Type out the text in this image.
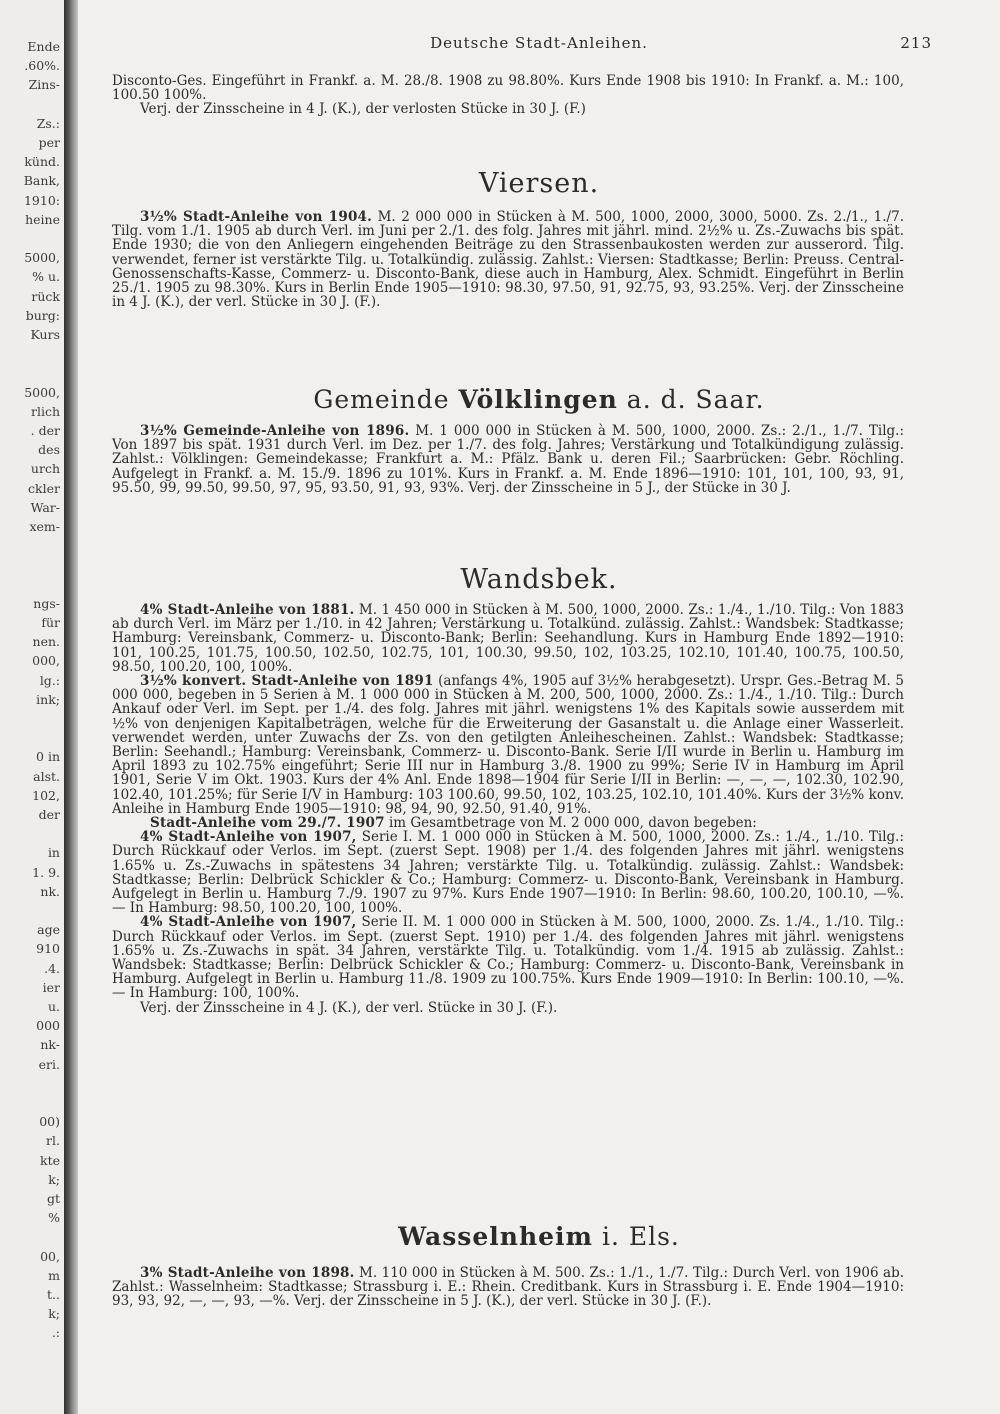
Ende
.60%.
Zins-
Zs.:
per
künd.
Bank,
1910:
heine
5000,
% u.
rück
burg:
Kurs
5000,
rlich
. der
des
urch
ckler
War-
xem-
ngs-
für
nen.
000,
lg.:
ink;
0 in
alst.
102,
der
in
1. 9.
nk.
age
910
.4.
ier
u.
000
nk-
eri.
00)
rl.
kte
k;
gt
%
00,
m
t..
k;
.:
Deutsche Stadt-Anleihen.	213

Disconto-Ges. Eingeführt in Frankf. a. M. 28./8. 1908 zu 98.80%. Kurs Ende 1908 bis 1910: In Frankf. a. M.: 100, 100.50 100%.

Verj. der Zinsscheine in 4 J. (K.), der verlosten Stücke in 30 J. (F.)

Viersen.

3½% Stadt-Anleihe von 1904. M. 2 000 000 in Stücken à M. 500, 1000, 2000, 3000, 5000. Zs. 2./1., 1./7. Tilg. vom 1./1. 1905 ab durch Verl. im Juni per 2./1. des folg. Jahres mit jährl. mind. 2½% u. Zs.-Zuwachs bis spät. Ende 1930; die von den Anliegern eingehenden Beiträge zu den Strassenbaukosten werden zur ausserord. Tilg. verwendet, ferner ist verstärkte Tilg. u. Totalkündig. zulässig. Zahlst.: Viersen: Stadtkasse; Berlin: Preuss. Central-Genossenschafts-Kasse, Commerz- u. Disconto-Bank, diese auch in Hamburg, Alex. Schmidt. Eingeführt in Berlin 25./1. 1905 zu 98.30%. Kurs in Berlin Ende 1905—1910: 98.30, 97.50, 91, 92.75, 93, 93.25%. Verj. der Zinsscheine in 4 J. (K.), der verl. Stücke in 30 J. (F.).

Gemeinde Völklingen a. d. Saar.

3½% Gemeinde-Anleihe von 1896. M. 1 000 000 in Stücken à M. 500, 1000, 2000. Zs.: 2./1., 1./7. Tilg.: Von 1897 bis spät. 1931 durch Verl. im Dez. per 1./7. des folg. Jahres; Verstärkung und Totalkündigung zulässig. Zahlst.: Völklingen: Gemeindekasse; Frankfurt a. M.: Pfälz. Bank u. deren Fil.; Saarbrücken: Gebr. Röchling. Aufgelegt in Frankf. a. M. 15./9. 1896 zu 101%. Kurs in Frankf. a. M. Ende 1896—1910: 101, 101, 100, 93, 91, 95.50, 99, 99.50, 99.50, 97, 95, 93.50, 91, 93, 93%. Verj. der Zinsscheine in 5 J., der Stücke in 30 J.

Wandsbek.

4% Stadt-Anleihe von 1881. M. 1 450 000 in Stücken à M. 500, 1000, 2000. Zs.: 1./4., 1./10. Tilg.: Von 1883 ab durch Verl. im März per 1./10. in 42 Jahren; Verstärkung u. Totalkünd. zulässig. Zahlst.: Wandsbek: Stadtkasse; Hamburg: Vereinsbank, Commerz- u. Disconto-Bank; Berlin: Seehandlung. Kurs in Hamburg Ende 1892—1910: 101, 100.25, 101.75, 100.50, 102.50, 102.75, 101, 100.30, 99.50, 102, 103.25, 102.10, 101.40, 100.75, 100.50, 98.50, 100.20, 100, 100%.

3½% konvert. Stadt-Anleihe von 1891 (anfangs 4%, 1905 auf 3½% herabgesetzt). Urspr. Ges.-Betrag M. 5 000 000, begeben in 5 Serien à M. 1 000 000 in Stücken à M. 200, 500, 1000, 2000. Zs.: 1./4., 1./10. Tilg.: Durch Ankauf oder Verl. im Sept. per 1./4. des folg. Jahres mit jährl. wenigstens 1% des Kapitals sowie ausserdem mit ½% von denjenigen Kapitalbeträgen, welche für die Erweiterung der Gasanstalt u. die Anlage einer Wasserleit. verwendet werden, unter Zuwachs der Zs. von den getilgten Anleihescheinen. Zahlst.: Wandsbek: Stadtkasse; Berlin: Seehandl.; Hamburg: Vereinsbank, Commerz- u. Disconto-Bank. Serie I/II wurde in Berlin u. Hamburg im April 1893 zu 102.75% eingeführt; Serie III nur in Hamburg 3./8. 1900 zu 99%; Serie IV in Hamburg im April 1901, Serie V im Okt. 1903. Kurs der 4% Anl. Ende 1898—1904 für Serie I/II in Berlin: —, —, —, 102.30, 102.90, 102.40, 101.25%; für Serie I/V in Hamburg: 103 100.60, 99.50, 102, 103.25, 102.10, 101.40%. Kurs der 3½% konv. Anleihe in Hamburg Ende 1905—1910: 98, 94, 90, 92.50, 91.40, 91%.

Stadt-Anleihe vom 29./7. 1907 im Gesamtbetrage von M. 2 000 000, davon begeben:

4% Stadt-Anleihe von 1907, Serie I. M. 1 000 000 in Stücken à M. 500, 1000, 2000. Zs.: 1./4., 1./10. Tilg.: Durch Rückkauf oder Verlos. im Sept. (zuerst Sept. 1908) per 1./4. des folgenden Jahres mit jährl. wenigstens 1.65% u. Zs.-Zuwachs in spätestens 34 Jahren; verstärkte Tilg. u. Totalkündig. zulässig. Zahlst.: Wandsbek: Stadtkasse; Berlin: Delbrück Schickler & Co.; Hamburg: Commerz- u. Disconto-Bank, Vereinsbank in Hamburg. Aufgelegt in Berlin u. Hamburg 7./9. 1907 zu 97%. Kurs Ende 1907—1910: In Berlin: 98.60, 100.20, 100.10, —%. — In Hamburg: 98.50, 100.20, 100, 100%.

4% Stadt-Anleihe von 1907, Serie II. M. 1 000 000 in Stücken à M. 500, 1000, 2000. Zs. 1./4., 1./10. Tilg.: Durch Rückkauf oder Verlos. im Sept. (zuerst Sept. 1910) per 1./4. des folgenden Jahres mit jährl. wenigstens 1.65% u. Zs.-Zuwachs in spät. 34 Jahren, verstärkte Tilg. u. Totalkündig. vom 1./4. 1915 ab zulässig. Zahlst.: Wandsbek: Stadtkasse; Berlin: Delbrück Schickler & Co.; Hamburg: Commerz- u. Disconto-Bank, Vereinsbank in Hamburg. Aufgelegt in Berlin u. Hamburg 11./8. 1909 zu 100.75%. Kurs Ende 1909—1910: In Berlin: 100.10, —%. — In Hamburg: 100, 100%.

Verj. der Zinsscheine in 4 J. (K.), der verl. Stücke in 30 J. (F.).

Wasselnheim i. Els.

3% Stadt-Anleihe von 1898. M. 110 000 in Stücken à M. 500. Zs.: 1./1., 1./7. Tilg.: Durch Verl. von 1906 ab. Zahlst.: Wasselnheim: Stadtkasse; Strassburg i. E.: Rhein. Creditbank. Kurs in Strassburg i. E. Ende 1904—1910: 93, 93, 92, —, —, 93, —%. Verj. der Zinsscheine in 5 J. (K.), der verl. Stücke in 30 J. (F.).
